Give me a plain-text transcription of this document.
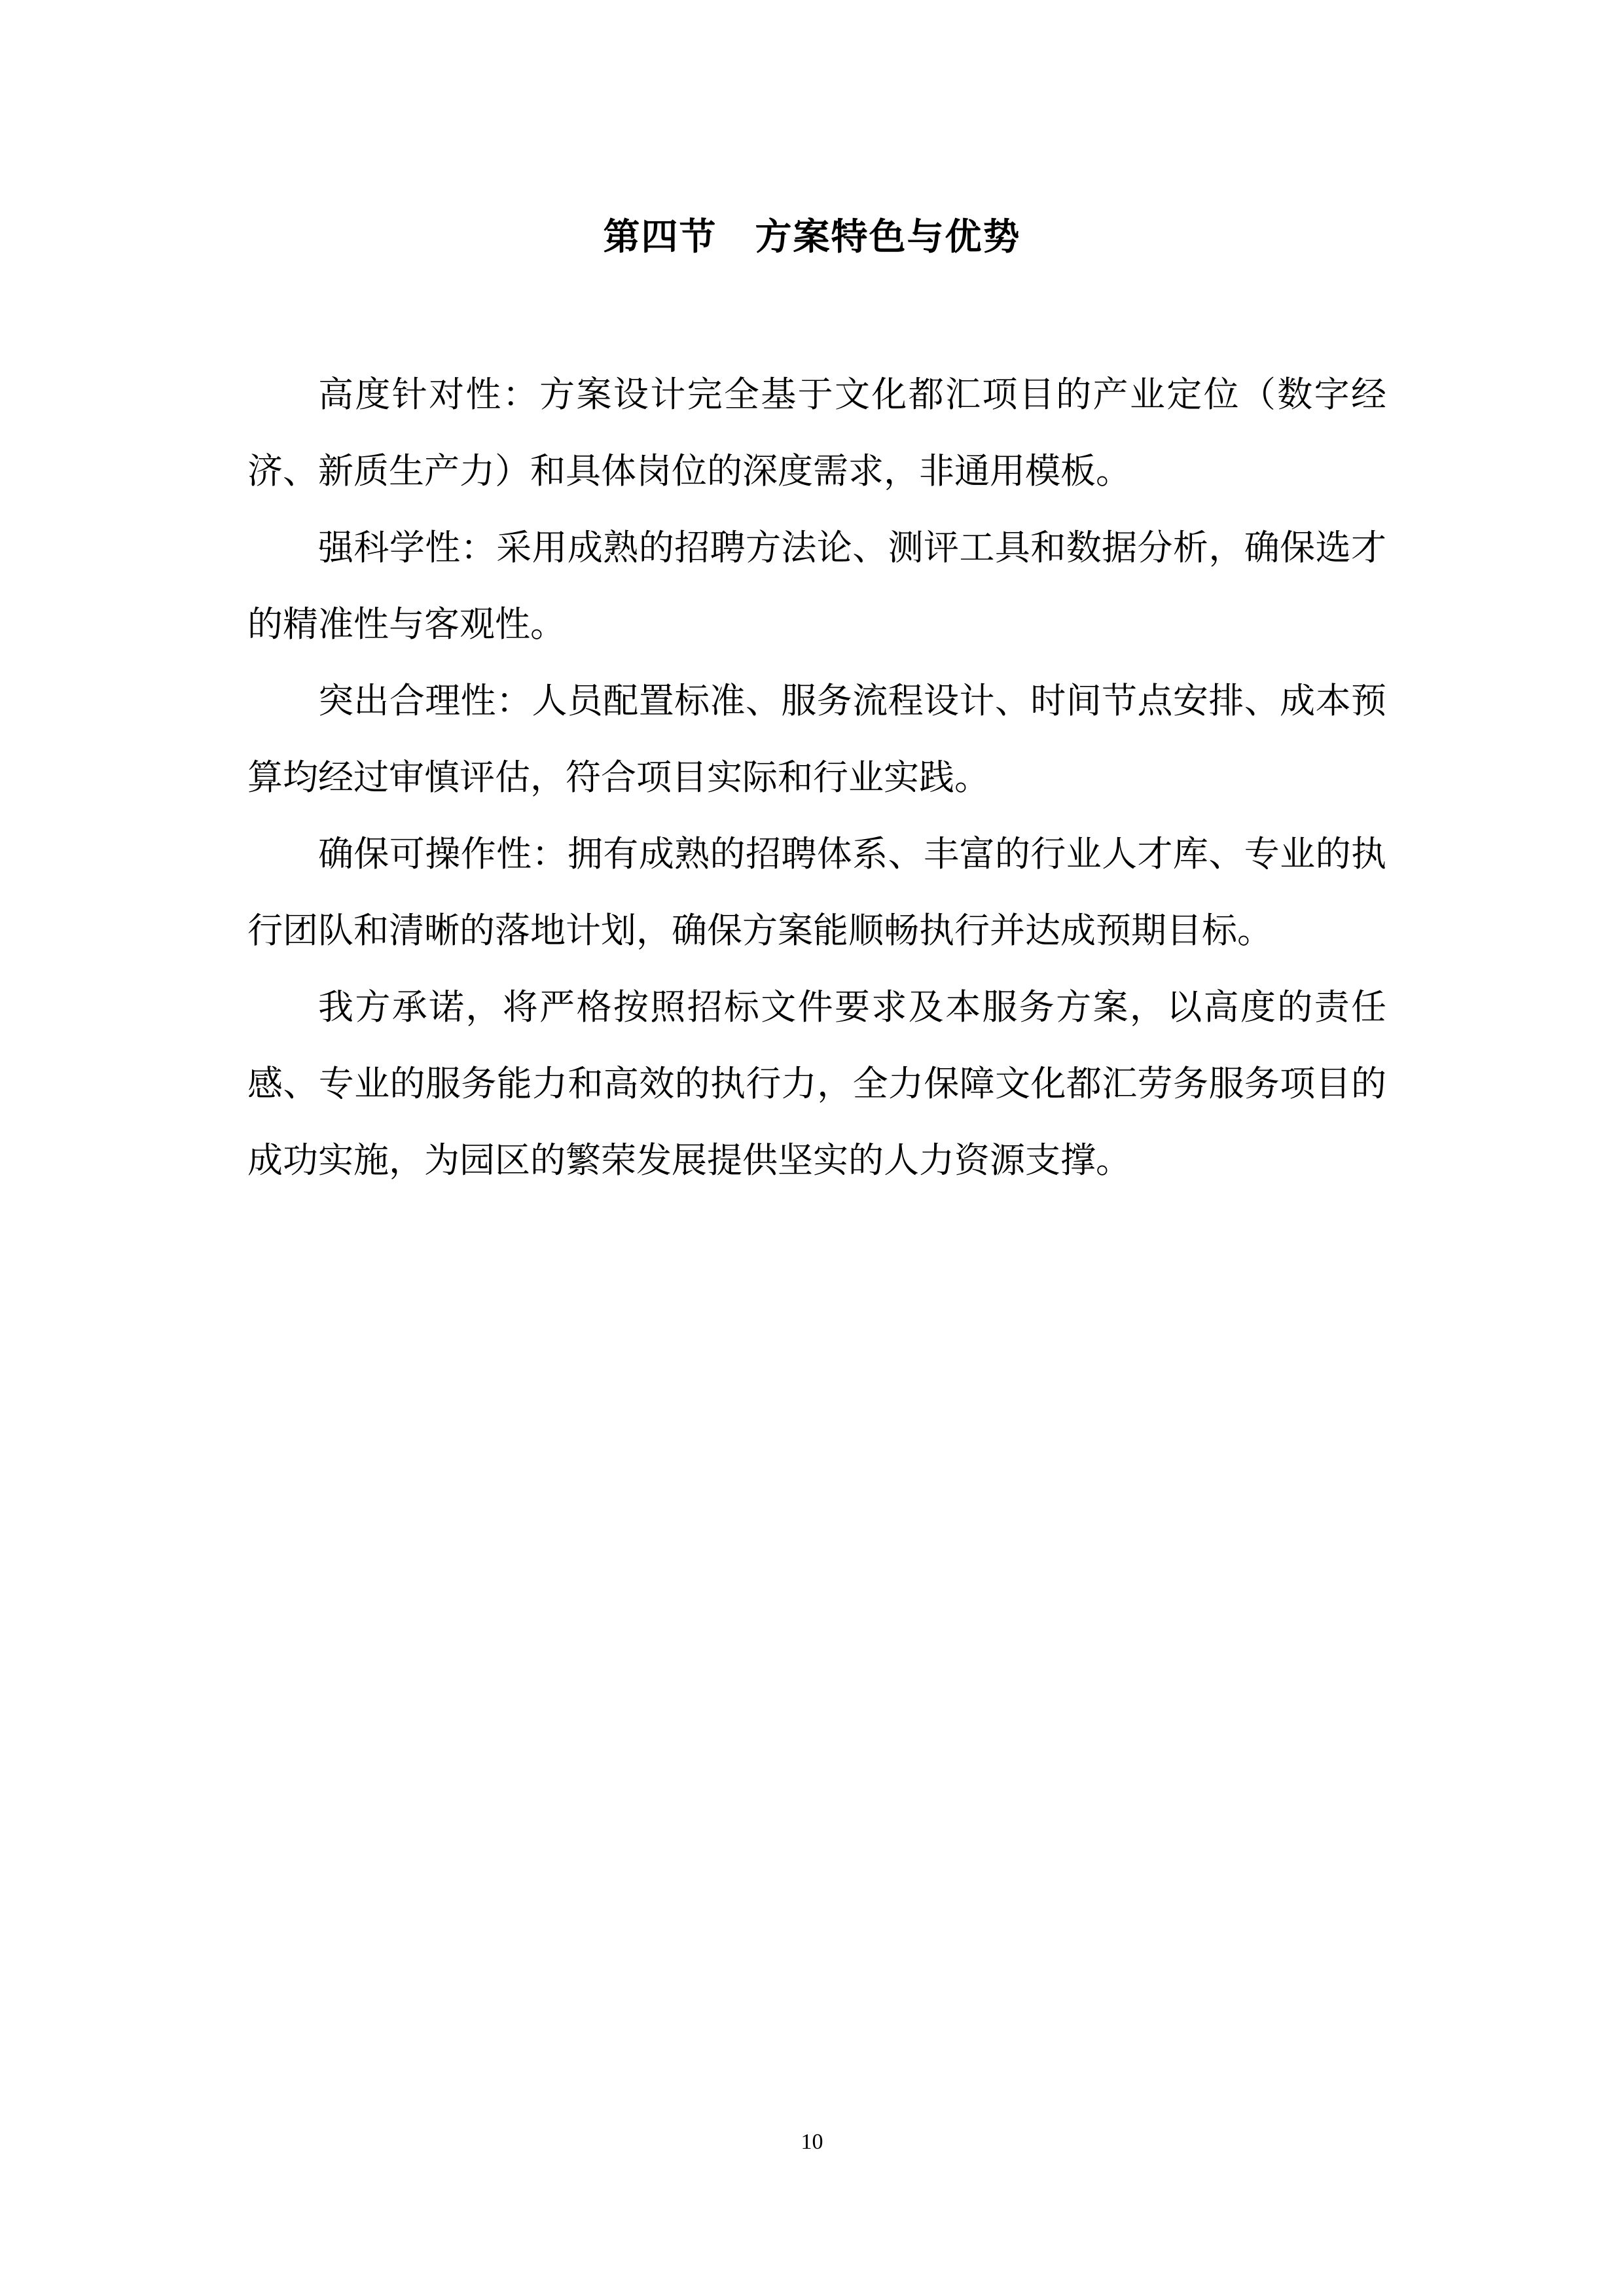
第四节　方案特色与优势

高度针对性：方案设计完全基于文化都汇项目的产业定位（数字经济、新质生产力）和具体岗位的深度需求，非通用模板。

强科学性：采用成熟的招聘方法论、测评工具和数据分析，确保选才的精准性与客观性。

突出合理性：人员配置标准、服务流程设计、时间节点安排、成本预算均经过审慎评估，符合项目实际和行业实践。

确保可操作性：拥有成熟的招聘体系、丰富的行业人才库、专业的执行团队和清晰的落地计划，确保方案能顺畅执行并达成预期目标。

我方承诺，将严格按照招标文件要求及本服务方案，以高度的责任感、专业的服务能力和高效的执行力，全力保障文化都汇劳务服务项目的成功实施，为园区的繁荣发展提供坚实的人力资源支撑。

10
